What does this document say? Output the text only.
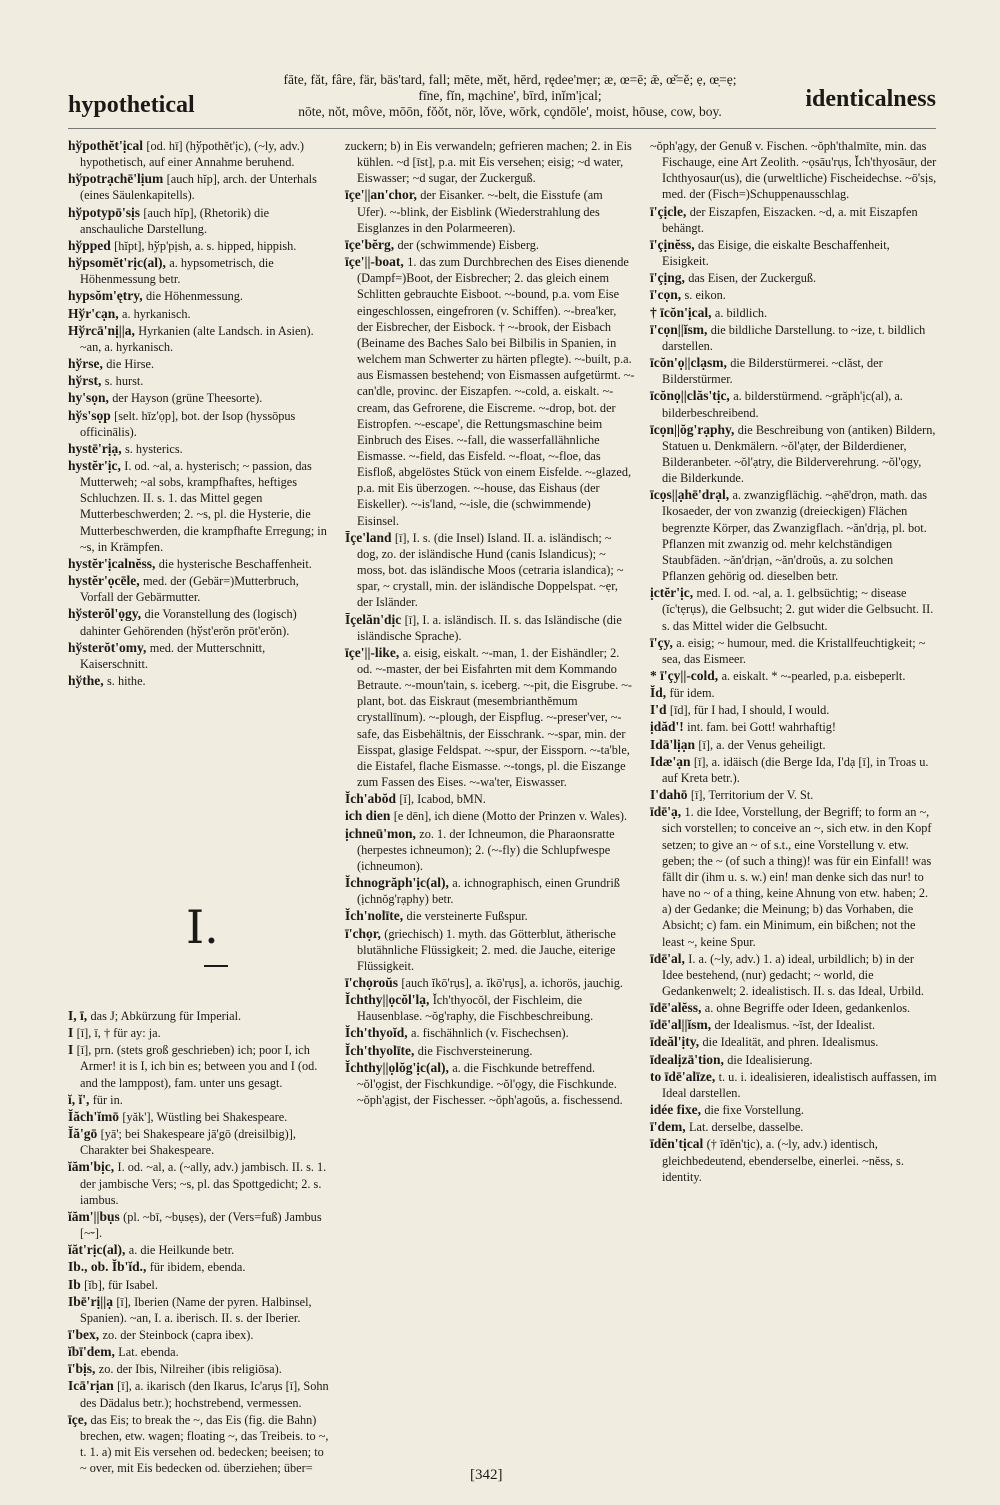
hypothetical
fāte, făt, fâre, fär, bäs'tard, fall; mēte, mĕt, hērd, rędee'mẹr; æ, œ=ē; ǣ, œ̆=ĕ; ẹ, œ̣=ẹ;
fīne, fĭn, mạchine', bīrd, inĭm'ịcal;
nōte, nŏt, môve, mōōn, fŏŏt, nör, lŏve, wōrk, cǫndōle', moist, hōuse, cow, boy.	identicalness
hўpothĕt'ịcal [od. hī] (hўpothĕt'ịc), (~ly, adv.) hypothetisch, auf einer Annahme beruhend.
hўpotrạchē'lịum [auch hĭp], arch. der Unterhals (eines Säulenkapitells).
hўpotypō'sịs [auch hĭp], (Rhetorik) die anschauliche Darstellung.
hўpped [hĭpt], hўp'pịsh, a. s. hipped, hippish.
hўpsomĕt'rịc(al), a. hypsometrisch, die Höhenmessung betr.
hypsŏm'ętry, die Höhenmessung.
Hўr'cạn, a. hyrkanisch.
Hўrcā'nị||a, Hyrkanien (alte Landsch. in Asien). ~an, a. hyrkanisch.
hўrse, die Hirse.
hўrst, s. hurst.
hy'sọn, der Hayson (grüne Theesorte).
hўs'sọp [selt. hīz'ọp], bot. der Isop (hyssōpus officinālis).
hystē'rịạ, s. hysterics.
hystĕr'ịc, I. od. ~al, a. hysterisch; ~ passion, das Mutterweh; ~al sobs, krampfhaftes, heftiges Schluchzen. II. s. 1. das Mittel gegen Mutterbeschwerden; 2. ~s, pl. die Hysterie, die Mutterbeschwerden, die krampfhafte Erregung; in ~s, in Krämpfen.
hystĕr'ịcalnĕss, die hysterische Beschaffenheit.
hystĕr'ọcēle, med. der (Gebär=)Mutterbruch, Vorfall der Gebärmutter.
hўsterŏl'ọgy, die Voranstellung des (logisch) dahinter Gehörenden (hўst'erŏn prōt'erŏn).
hўsterŏt'omy, med. der Mutterschnitt, Kaiserschnitt.
hўthe, s. hithe.
I.
I, ī, das J; Abkürzung für Imperial.
I [ī], ī, † für ay: ja.
I [ī], prn. (stets groß geschrieben) ich; poor I, ich Armer! it is I, ich bin es; between you and I (od. and the lamppost), fam. unter uns gesagt.
ĭ, ĭ', für in.
Ĭăch'ĭmō [yăk'], Wüstling bei Shakespeare.
Ĭă'gō [yā'; bei Shakespeare jā'gō (dreisilbig)], Charakter bei Shakespeare.
ĭăm'bịc, I. od. ~al, a. (~ally, adv.) jambisch. II. s. 1. der jambische Vers; ~s, pl. das Spottgedicht; 2. s. iambus.
ĭăm'||bụs (pl. ~bī, ~bụsẹs), der (Vers=fuß) Jambus [~⏑].
ĭăt'rịc(al), a. die Heilkunde betr.
Ib., ob. Ĭb'ĭd., für ibidem, ebenda.
Ib [ĭb], für Isabel.
Ibē'rị||ạ [ī], Iberien (Name der pyren. Halbinsel, Spanien). ~an, I. a. iberisch. II. s. der Iberier.
ī'bex, zo. der Steinbock (capra ibex).
ĭbī'dem, Lat. ebenda.
ī'bịs, zo. der Ibis, Nilreiher (ibis religiōsa).
Icā'rịan [ī], a. ikarisch (den Ikarus, Ic'arụs [ī], Sohn des Dädalus betr.); hochstrebend, vermessen.
īçe, das Eis; to break the ~, das Eis (fig. die Bahn) brechen, etw. wagen; floating ~, das Treibeis. to ~, t. 1. a) mit Eis versehen od. bedecken; beeisen; to ~ over, mit Eis bedecken od. überziehen; über=
zuckern; b) in Eis verwandeln; gefrieren machen; 2. in Eis kühlen. ~d [īst], p.a. mit Eis versehen; eisig; ~d water, Eiswasser; ~d sugar, der Zuckerguß.
īçe'||an'chor, der Eisanker. ~-belt, die Eisstufe (am Ufer). ~-blink, der Eisblink (Wiederstrahlung des Eisglanzes in den Polarmeeren).
īçe'bĕrg, der (schwimmende) Eisberg.
īçe'||-boat, 1. das zum Durchbrechen des Eises dienende (Dampf=)Boot, der Eisbrecher; 2. das gleich einem Schlitten gebrauchte Eisboot. ~-bound, p.a. vom Eise eingeschlossen, eingefroren (v. Schiffen). ~-brea'ker, der Eisbrecher, der Eisbock. † ~-brook, der Eisbach (Beiname des Baches Salo bei Bilbilis in Spanien, in welchem man Schwerter zu härten pflegte). ~-built, p.a. aus Eismassen bestehend; von Eismassen aufgetürmt. ~-can'dle, provinc. der Eiszapfen. ~-cold, a. eiskalt. ~-cream, das Gefrorene, die Eiscreme. ~-drop, bot. der Eistropfen. ~-escape', die Rettungsmaschine beim Einbruch des Eises. ~-fall, die wasserfallähnliche Eismasse. ~-field, das Eisfeld. ~-float, ~-floe, das Eisfloß, abgelöstes Stück von einem Eisfelde. ~-glazed, p.a. mit Eis überzogen. ~-house, das Eishaus (der Eiskeller). ~-is'land, ~-isle, die (schwimmende) Eisinsel.
Īçe'land [ī], I. s. (die Insel) Island. II. a. isländisch; ~ dog, zo. der isländische Hund (canis Islandicus); ~ moss, bot. das isländische Moos (cetraria islandica); ~ spar, ~ crystall, min. der isländische Doppelspat. ~ẹr, der Isländer.
Īçelăn'dịc [ī], I. a. isländisch. II. s. das Isländische (die isländische Sprache).
īçe'||-like, a. eisig, eiskalt. ~-man, 1. der Eishändler; 2. od. ~-master, der bei Eisfahrten mit dem Kommando Betraute. ~-moun'tain, s. iceberg. ~-pit, die Eisgrube. ~-plant, bot. das Eiskraut (mesembrianthĕmum crystallīnum). ~-plough, der Eispflug. ~-preser'ver, ~-safe, das Eisbehältnis, der Eisschrank. ~-spar, min. der Eisspat, glasige Feldspat. ~-spur, der Eissporn. ~-ta'ble, die Eistafel, flache Eismasse. ~-tongs, pl. die Eiszange zum Fassen des Eises. ~-wa'ter, Eiswasser.
Ĭch'abŏd [ĭ], Icabod, bMN.
ich dien [e dēn], ich diene (Motto der Prinzen v. Wales).
ịchneū'mon, zo. 1. der Ichneumon, die Pharaonsratte (herpestes ichneumon); 2. (~-fly) die Schlupfwespe (ichneumon).
Ĭchnogrăph'ịc(al), a. ichnographisch, einen Grundriß (ịchnŏg'rạphy) betr.
Ĭch'nolīte, die versteinerte Fußspur.
ī'chọr, (griechisch) 1. myth. das Götterblut, ätherische blutähnliche Flüssigkeit; 2. med. die Jauche, eiterige Flüssigkeit.
ī'chọroŭs [auch ĭkō'rụs], a. ĭkō'rụs], a. ichorös, jauchig.
Ĭchthy||ọcŏl'lạ, Ĭch'thyocŏl, der Fischleim, die Hausenblase. ~ŏg'raphy, die Fischbeschreibung.
Ĭch'thyoĭd, a. fischähnlich (v. Fischechsen).
Ĭch'thyolīte, die Fischversteinerung.
Ĭchthy||ọlŏg'ịc(al), a. die Fischkunde betreffend. ~ŏl'ọgịst, der Fischkundige. ~ŏl'ọgy, die Fischkunde. ~ŏph'ạgịst, der Fischesser. ~ŏph'agoŭs, a. fischessend.
~ŏph'ạgy, der Genuß v. Fischen. ~ŏph'thalmīte, min. das Fischauge, eine Art Zeolith. ~ọsāu'rụs, Ĭch'thyosāur, der Ichthyosaur(us), die (urweltliche) Fischeidechse. ~ō'sịs, med. der (Fisch=)Schuppenausschlag.
ī'çịcle, der Eiszapfen, Eiszacken. ~d, a. mit Eiszapfen behängt.
ī'çịnĕss, das Eisige, die eiskalte Beschaffenheit, Eisigkeit.
ī'çịng, das Eisen, der Zuckerguß.
ī'cọn, s. eikon.
† īcŏn'ịcal, a. bildlich.
ī'cọn||ĭsm, die bildliche Darstellung. to ~ize, t. bildlich darstellen.
īcŏn'ọ||clạsm, die Bilderstürmerei. ~clăst, der Bilderstürmer.
īcŏnọ||clăs'tịc, a. bilderstürmend. ~grăph'ịc(al), a. bilderbeschreibend.
īcọn||ŏg'rạphy, die Beschreibung von (antiken) Bildern, Statuen u. Denkmälern. ~ŏl'ạtẹr, der Bilderdiener, Bilderanbeter. ~ŏl'ạtry, die Bilderverehrung. ~ŏl'ọgy, die Bilderkunde.
īcọs||ạhē'drạl, a. zwanzigflächig. ~ạhē'drọn, math. das Ikosaeder, der von zwanzig (dreieckigen) Flächen begrenzte Körper, das Zwanzigflach. ~ăn'drịạ, pl. bot. Pflanzen mit zwanzig od. mehr kelchständigen Staubfäden. ~ăn'drịạn, ~ăn'droŭs, a. zu solchen Pflanzen gehörig od. dieselben betr.
ịctĕr'ịc, med. I. od. ~al, a. 1. gelbsüchtig; ~ disease (ĭc'tẹrụs), die Gelbsucht; 2. gut wider die Gelbsucht. II. s. das Mittel wider die Gelbsucht.
ī'çy, a. eisig; ~ humour, med. die Kristallfeuchtigkeit; ~ sea, das Eismeer.
* ī'çy||-cold, a. eiskalt. * ~-pearled, p.a. eisbeperlt.
Ĭd, für idem.
I'd [īd], für I had, I should, I would.
ịdăd'! int. fam. bei Gott! wahrhaftig!
Idā'lịạn [ī], a. der Venus geheiligt.
Idæ'ạn [ī], a. idäisch (die Berge Ida, I'dạ [ī], in Troas u. auf Kreta betr.).
I'dahō [ī], Territorium der V. St.
īdē'ạ, 1. die Idee, Vorstellung, der Begriff; to form an ~, sich vorstellen; to conceive an ~, sich etw. in den Kopf setzen; to give an ~ of s.t., eine Vorstellung v. etw. geben; the ~ (of such a thing)! was für ein Einfall! was fällt dir (ihm u. s. w.) ein! man denke sich das nur! to have no ~ of a thing, keine Ahnung von etw. haben; 2. a) der Gedanke; die Meinung; b) das Vorhaben, die Absicht; c) fam. ein Minimum, ein bißchen; not the least ~, keine Spur.
īdē'al, I. a. (~ly, adv.) 1. a) ideal, urbildlich; b) in der Idee bestehend, (nur) gedacht; ~ world, die Gedankenwelt; 2. idealistisch. II. s. das Ideal, Urbild.
īdē'alĕss, a. ohne Begriffe oder Ideen, gedankenlos.
īdē'al||ĭsm, der Idealismus. ~ĭst, der Idealist.
īdeăl'ịty, die Idealität, and phren. Idealismus.
īdealịzā'tion, die Idealisierung.
to īdē'alīze, t. u. i. idealisieren, idealistisch auffassen, im Ideal darstellen.
idée fixe, die fixe Vorstellung.
ī'dem, Lat. derselbe, dasselbe.
īdĕn'tịcal († īdĕn'tịc), a. (~ly, adv.) identisch, gleichbedeutend, ebenderselbe, einerlei. ~nĕss, s. identity.
[342]
